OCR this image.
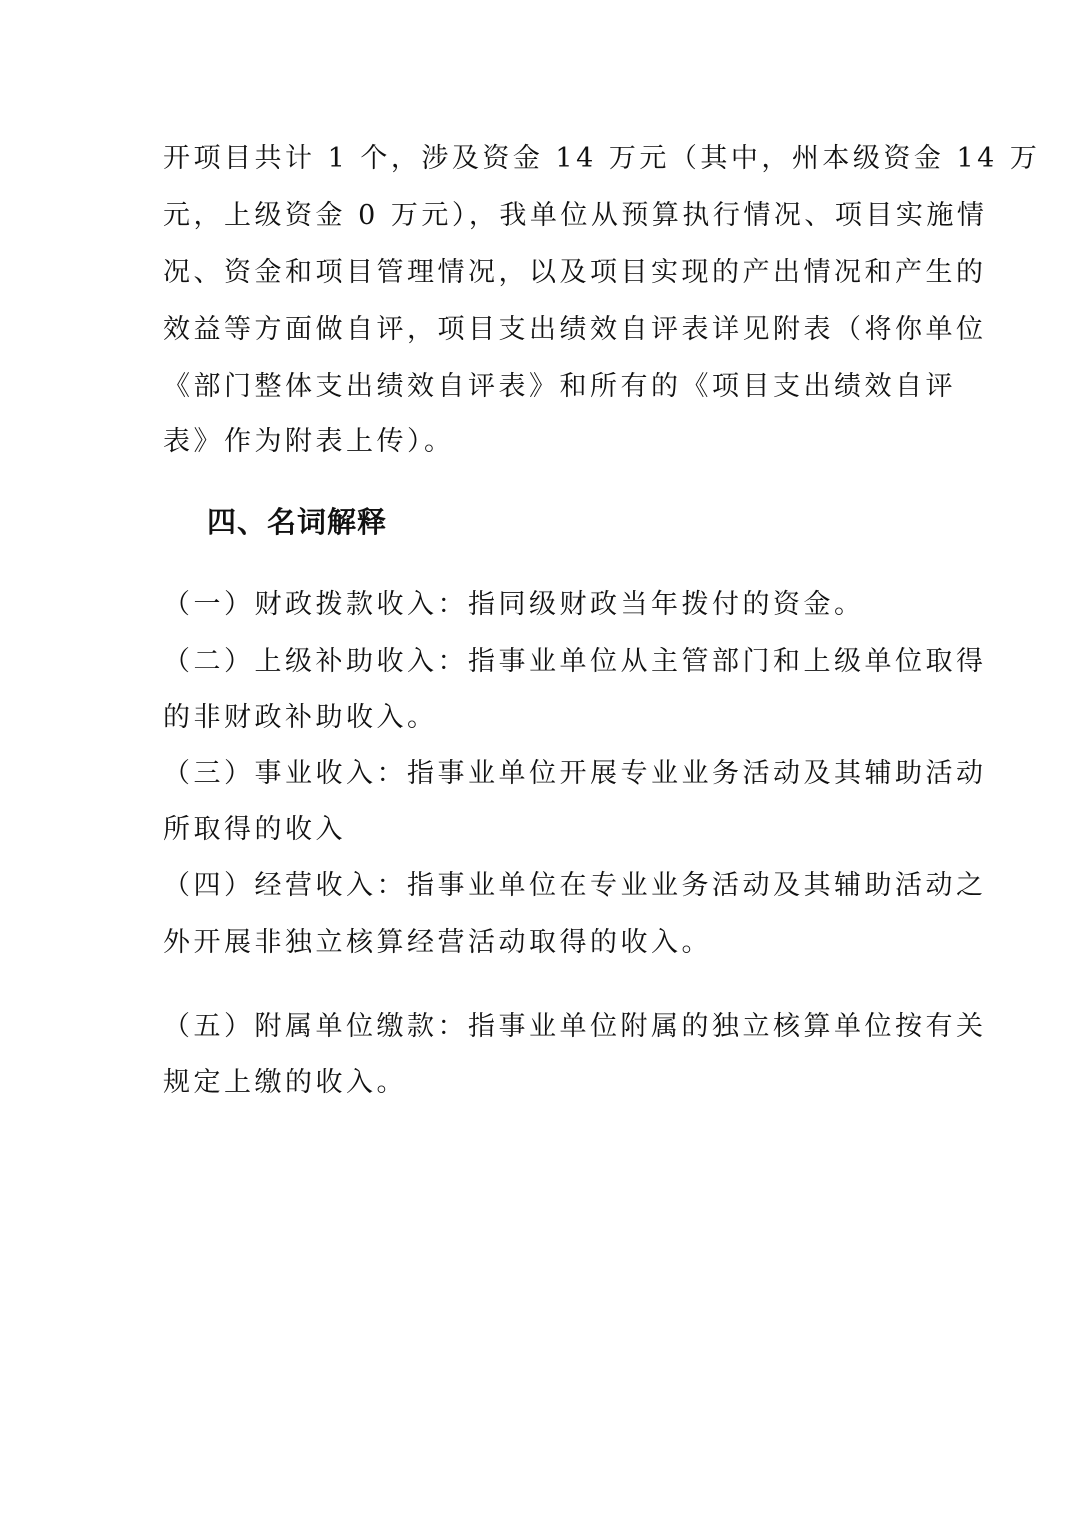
开项目共计 1 个，涉及资金 14 万元（其中，州本级资金 14 万
元，上级资金 0 万元），我单位从预算执行情况、项目实施情
况、资金和项目管理情况，以及项目实现的产出情况和产生的
效益等方面做自评，项目支出绩效自评表详见附表（将你单位
《部门整体支出绩效自评表》和所有的《项目支出绩效自评
表》作为附表上传）。
四、名词解释
（一）财政拨款收入：指同级财政当年拨付的资金。
（二）上级补助收入：指事业单位从主管部门和上级单位取得
的非财政补助收入。
（三）事业收入：指事业单位开展专业业务活动及其辅助活动
所取得的收入
（四）经营收入：指事业单位在专业业务活动及其辅助活动之
外开展非独立核算经营活动取得的收入。
（五）附属单位缴款：指事业单位附属的独立核算单位按有关
规定上缴的收入。
